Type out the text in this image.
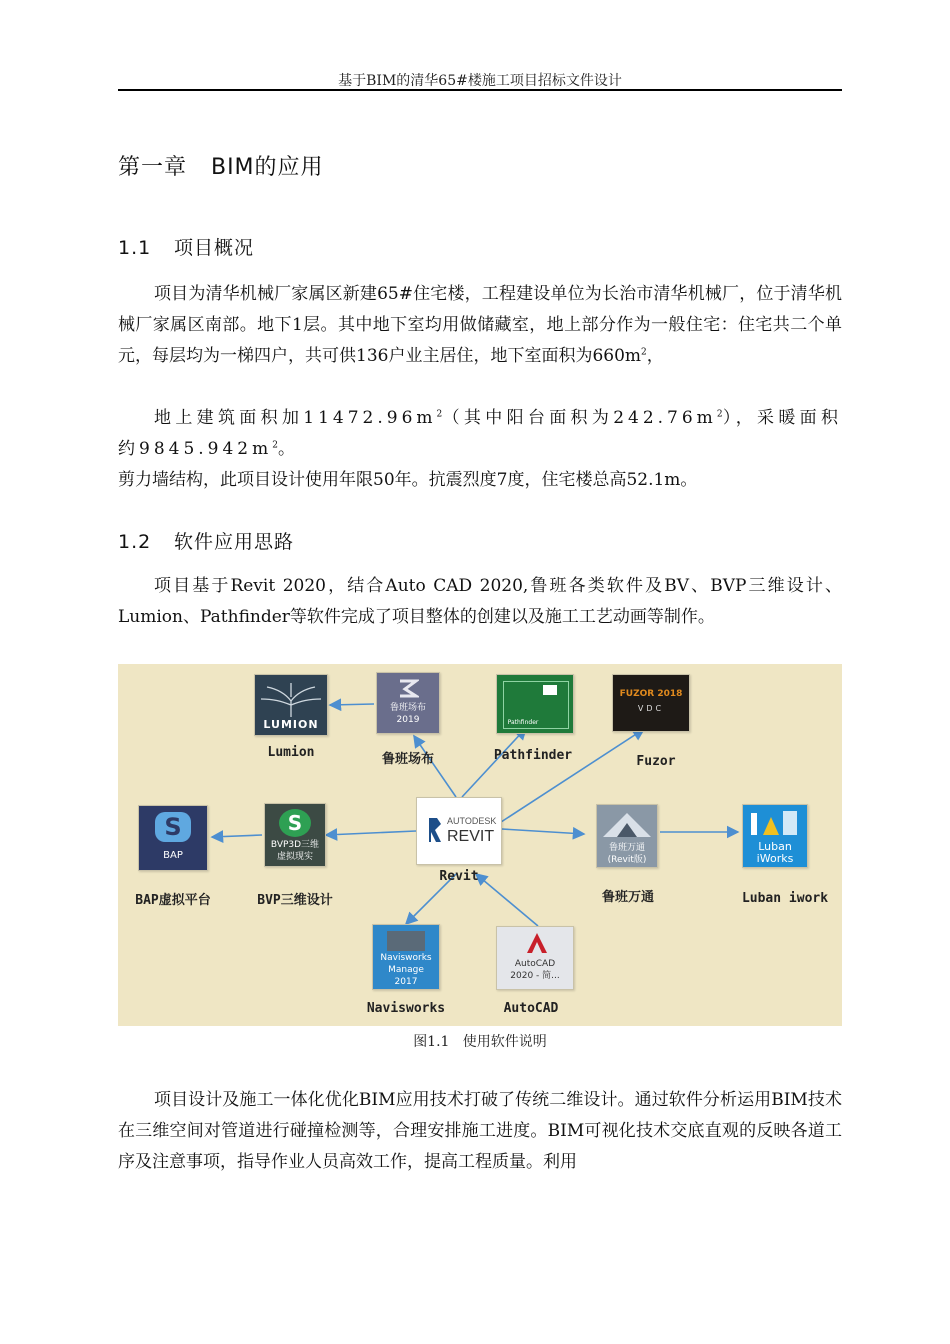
基于BIM的清华65#楼施工项目招标文件设计
第一章   BIM的应用
1.1 项目概况
项目为清华机械厂家属区新建65#住宅楼，工程建设单位为长治市清华机械厂，位于清华机械厂家属区南部。地下1层。其中地下室均用做储藏室，地上部分作为一般住宅：住宅共二个单元，每层均为一梯四户，共可供136户业主居住，地下室面积为$660m^2$，
地上建筑面积加$11472.96m^2$（其中阳台面积为$242.76m^2$），采暖面积约$9845.942m^2$。
剪力墙结构，此项目设计使用年限50年。抗震烈度7度，住宅楼总高52.1m。
1.2 软件应用思路
项目基于Revit 2020，结合Auto CAD 2020,鲁班各类软件及BV、BVP三维设计、Lumion、Pathfinder等软件完成了项目整体的创建以及施工工艺动画等制作。
LUMION
Lumion
鲁班场布
2019
鲁班场布
Pathfinder
Pathfinder
FUZOR 2018
VDC
Fuzor
AUTODESK
REVIT
Revit
S
BAP
BAP虚拟平台
S
BVP3D三维
虚拟现实
BVP三维设计
鲁班万通
(Revit版)
鲁班万通
Luban
iWorks
Luban iwork
Navisworks
Manage
2017
Navisworks
AutoCAD
2020 - 简...
AutoCAD
图1.1   使用软件说明
项目设计及施工一体化优化BIM应用技术打破了传统二维设计。通过软件分析运用BIM技术在三维空间对管道进行碰撞检测等，合理安排施工进度。BIM可视化技术交底直观的反映各道工序及注意事项，指导作业人员高效工作，提高工程质量。利用
